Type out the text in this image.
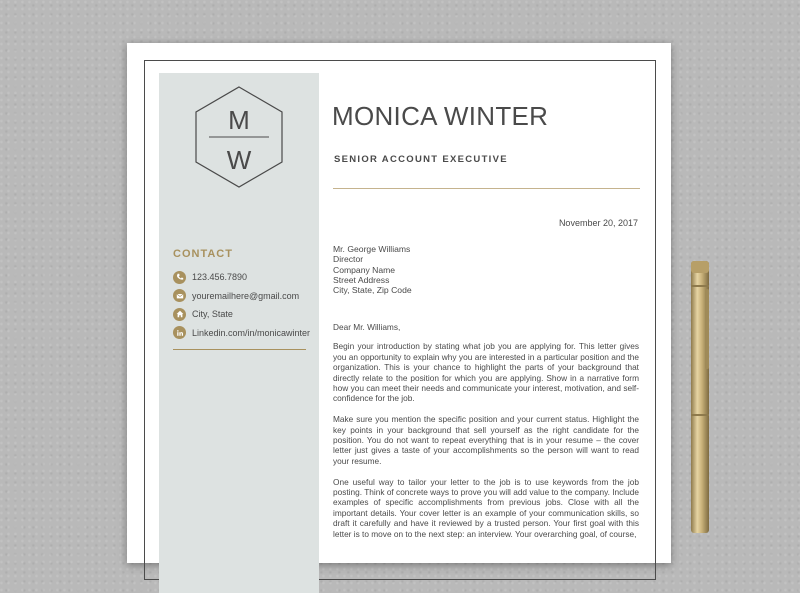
M
W
CONTACT
123.456.7890
youremailhere@gmail.com
City, State
Linkedin.com/in/monicawinter
MONICA WINTER
SENIOR ACCOUNT EXECUTIVE
November 20, 2017
Mr. George Williams
Director
Company Name
Street Address
City, State, Zip Code

Dear Mr. Williams,

Begin your introduction by stating what job you are applying for. This letter gives you an opportunity to explain why you are interested in a particular position and the organization. This is your chance to highlight the parts of your background that directly relate to the position for which you are applying. Show in a narrative form how you can meet their needs and communicate your interest, motivation, and self-confidence for the job.

Make sure you mention the specific position and your current status. Highlight the key points in your background that sell yourself as the right candidate for the position. You do not want to repeat everything that is in your resume – the cover letter just gives a taste of your accomplishments so the person will want to read your resume.

One useful way to tailor your letter to the job is to use keywords from the job posting. Think of concrete ways to prove you will add value to the company. Include examples of specific accomplishments from previous jobs. Close with all the important details. Your cover letter is an example of your communication skills, so draft it carefully and have it reviewed by a trusted person. Your first goal with this letter is to move on to the next step: an interview. Your overarching goal, of course,
